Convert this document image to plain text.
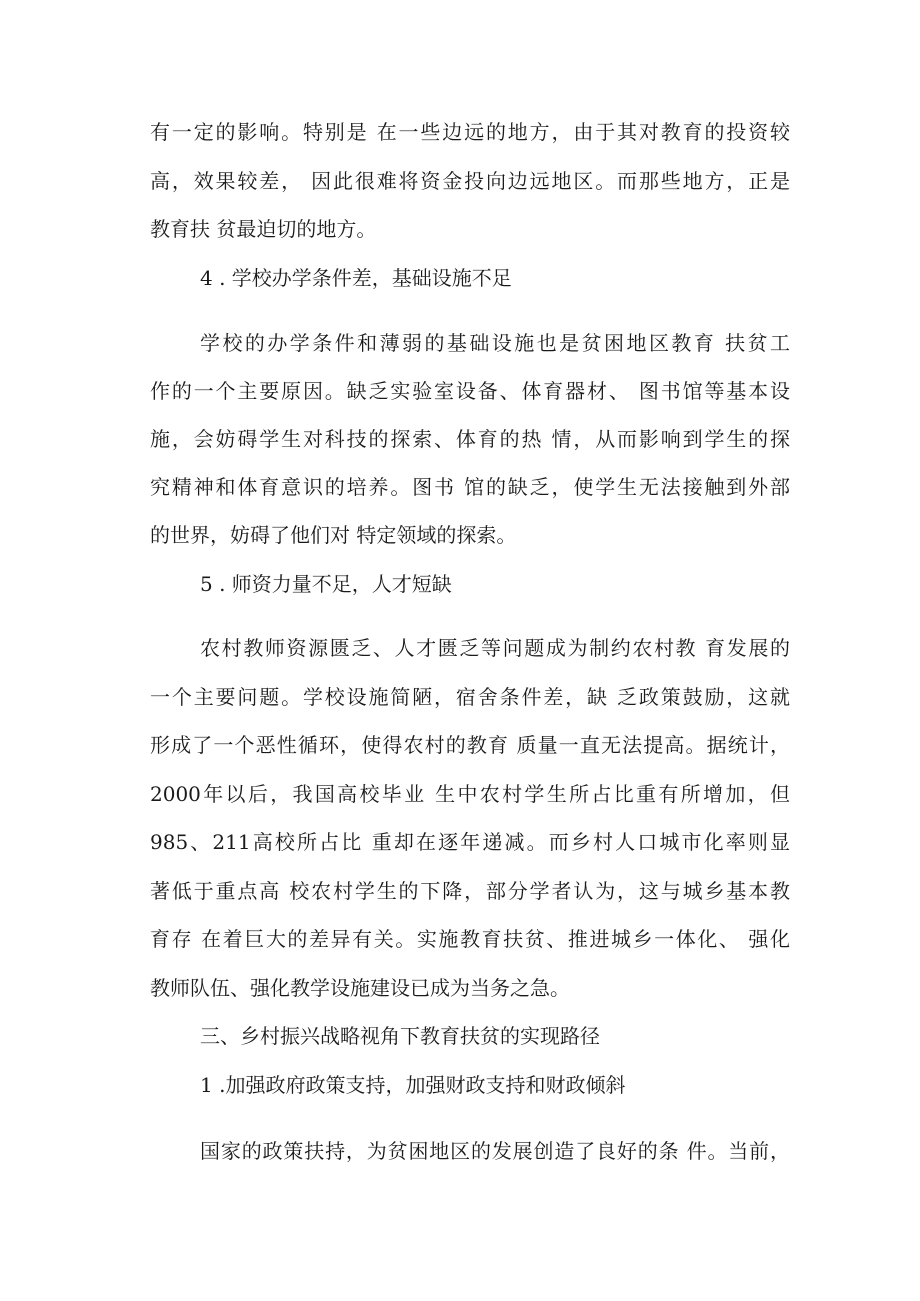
有一定的影响。特别是 在一些边远的地方，由于其对教育的投资较
高，效果较差， 因此很难将资金投向边远地区。而那些地方，正是
教育扶 贫最迫切的地方。
4 . 学校办学条件差，基础设施不足
学校的办学条件和薄弱的基础设施也是贫困地区教育 扶贫工
作的一个主要原因。缺乏实验室设备、体育器材、 图书馆等基本设
施，会妨碍学生对科技的探索、体育的热 情，从而影响到学生的探
究精神和体育意识的培养。图书 馆的缺乏，使学生无法接触到外部
的世界，妨碍了他们对 特定领域的探索。
5 . 师资力量不足，人才短缺
农村教师资源匮乏、人才匮乏等问题成为制约农村教 育发展的
一个主要问题。学校设施简陋，宿舍条件差，缺 乏政策鼓励，这就
形成了一个恶性循环，使得农村的教育 质量一直无法提高。据统计，
2000年以后，我国高校毕业 生中农村学生所占比重有所增加，但
985、211高校所占比 重却在逐年递减。而乡村人口城市化率则显
著低于重点高 校农村学生的下降，部分学者认为，这与城乡基本教
育存 在着巨大的差异有关。实施教育扶贫、推进城乡一体化、 强化
教师队伍、强化教学设施建设已成为当务之急。
三、乡村振兴战略视角下教育扶贫的实现路径
1 .加强政府政策支持，加强财政支持和财政倾斜
国家的政策扶持，为贫困地区的发展创造了良好的条 件。当前，
